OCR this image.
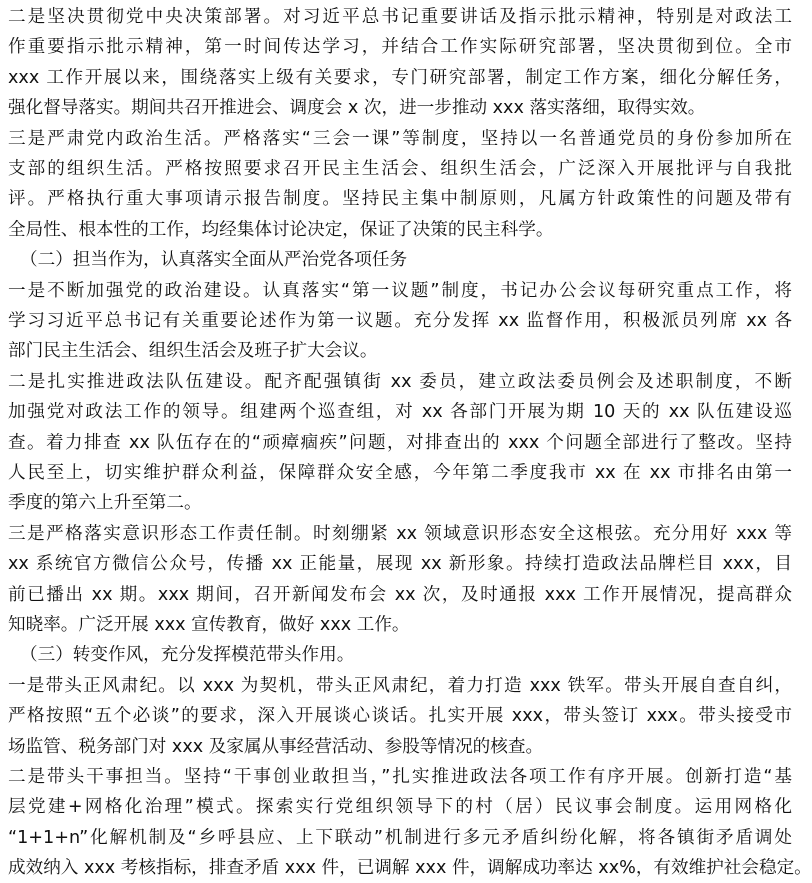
二是坚决贯彻党中央决策部署。对习近平总书记重要讲话及指示批示精神，特别是对政法工
作重要指示批示精神，第一时间传达学习，并结合工作实际研究部署，坚决贯彻到位。全市
xxx 工作开展以来，围绕落实上级有关要求，专门研究部署，制定工作方案，细化分解任务，
强化督导落实。期间共召开推进会、调度会 x 次，进一步推动 xxx 落实落细，取得实效。
三是严肃党内政治生活。严格落实“三会一课”等制度，坚持以一名普通党员的身份参加所在
支部的组织生活。严格按照要求召开民主生活会、组织生活会，广泛深入开展批评与自我批
评。严格执行重大事项请示报告制度。坚持民主集中制原则，凡属方针政策性的问题及带有
全局性、根本性的工作，均经集体讨论决定，保证了决策的民主科学。
（二）担当作为，认真落实全面从严治党各项任务
一是不断加强党的政治建设。认真落实“第一议题”制度，书记办公会议每研究重点工作，将
学习习近平总书记有关重要论述作为第一议题。充分发挥 xx 监督作用，积极派员列席 xx 各
部门民主生活会、组织生活会及班子扩大会议。
二是扎实推进政法队伍建设。配齐配强镇街 xx 委员，建立政法委员例会及述职制度，不断
加强党对政法工作的领导。组建两个巡查组，对 xx 各部门开展为期 10 天的 xx 队伍建设巡
查。着力排查 xx 队伍存在的“顽瘴痼疾”问题，对排查出的 xxx 个问题全部进行了整改。坚持
人民至上，切实维护群众利益，保障群众安全感，今年第二季度我市 xx 在 xx 市排名由第一
季度的第六上升至第二。
三是严格落实意识形态工作责任制。时刻绷紧 xx 领域意识形态安全这根弦。充分用好 xxx 等
xx 系统官方微信公众号，传播 xx 正能量，展现 xx 新形象。持续打造政法品牌栏目 xxx，目
前已播出 xx 期。xxx 期间，召开新闻发布会 xx 次，及时通报 xxx 工作开展情况，提高群众
知晓率。广泛开展 xxx 宣传教育，做好 xxx 工作。
（三）转变作风，充分发挥模范带头作用。
一是带头正风肃纪。以 xxx 为契机，带头正风肃纪，着力打造 xxx 铁军。带头开展自查自纠，
严格按照“五个必谈”的要求，深入开展谈心谈话。扎实开展 xxx，带头签订 xxx。带头接受市
场监管、税务部门对 xxx 及家属从事经营活动、参股等情况的核查。
二是带头干事担当。坚持“干事创业敢担当，”扎实推进政法各项工作有序开展。创新打造“基
层党建+网格化治理”模式。探索实行党组织领导下的村（居）民议事会制度。运用网格化
“1+1+n”化解机制及“乡呼县应、上下联动”机制进行多元矛盾纠纷化解，将各镇街矛盾调处
成效纳入 xxx 考核指标，排查矛盾 xxx 件，已调解 xxx 件，调解成功率达 xx%，有效维护社会稳定。
